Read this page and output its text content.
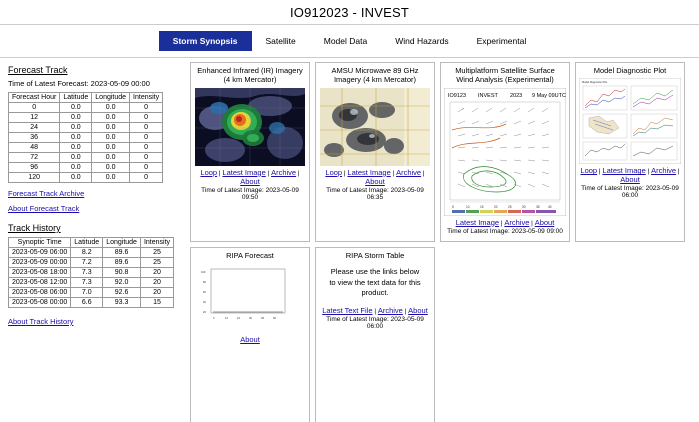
IO912023 - INVEST
Storm Synopsis	Satellite	Model Data	Wind Hazards	Experimental
Forecast Track
Time of Latest Forecast: 2023-05-09 00:00
Forecast Hour	Latitude	Longitude	Intensity
0	0.0	0.0	0
12	0.0	0.0	0
24	0.0	0.0	0
36	0.0	0.0	0
48	0.0	0.0	0
72	0.0	0.0	0
96	0.0	0.0	0
120	0.0	0.0	0
Forecast Track Archive
About Forecast Track
Track History
Synoptic Time	Latitude	Longitude	Intensity
2023-05-09 06:00	8.2	89.6	25
2023-05-09 00:00	7.2	89.6	25
2023-05-08 18:00	7.3	90.8	20
2023-05-08 12:00	7.3	92.0	20
2023-05-08 06:00	7.0	92.6	20
2023-05-08 00:00	6.6	93.3	15
About Track History
Enhanced Infrared (IR) Imagery (4 km Mercator)
Loop | Latest Image | Archive | About
Time of Latest Image: 2023-05-09 09:50
AMSU Microwave 89 GHz Imagery (4 km Mercator)
Loop | Latest Image | Archive | About
Time of Latest Image: 2023-05-09 06:35
Multiplatform Satellite Surface Wind Analysis (Experimental)
IO9123 INVEST 2023 9 May 09UTC
5	10	15	20	25	30	35	40
Latest Image | Archive | About
Time of Latest Image: 2023-05-09 09:00
Model Diagnostic Plot
Model Diagnostic Plot
Loop | Latest Image | Archive | About
Time of Latest Image: 2023-05-09 06:00
RIPA Forecast
100
80
60
40
20
0	12	24	36	48	60
About
RIPA Storm Table
Please use the links below to view the text data for this product.
Latest Text File | Archive | About
Time of Latest Image: 2023-05-09 06:00
